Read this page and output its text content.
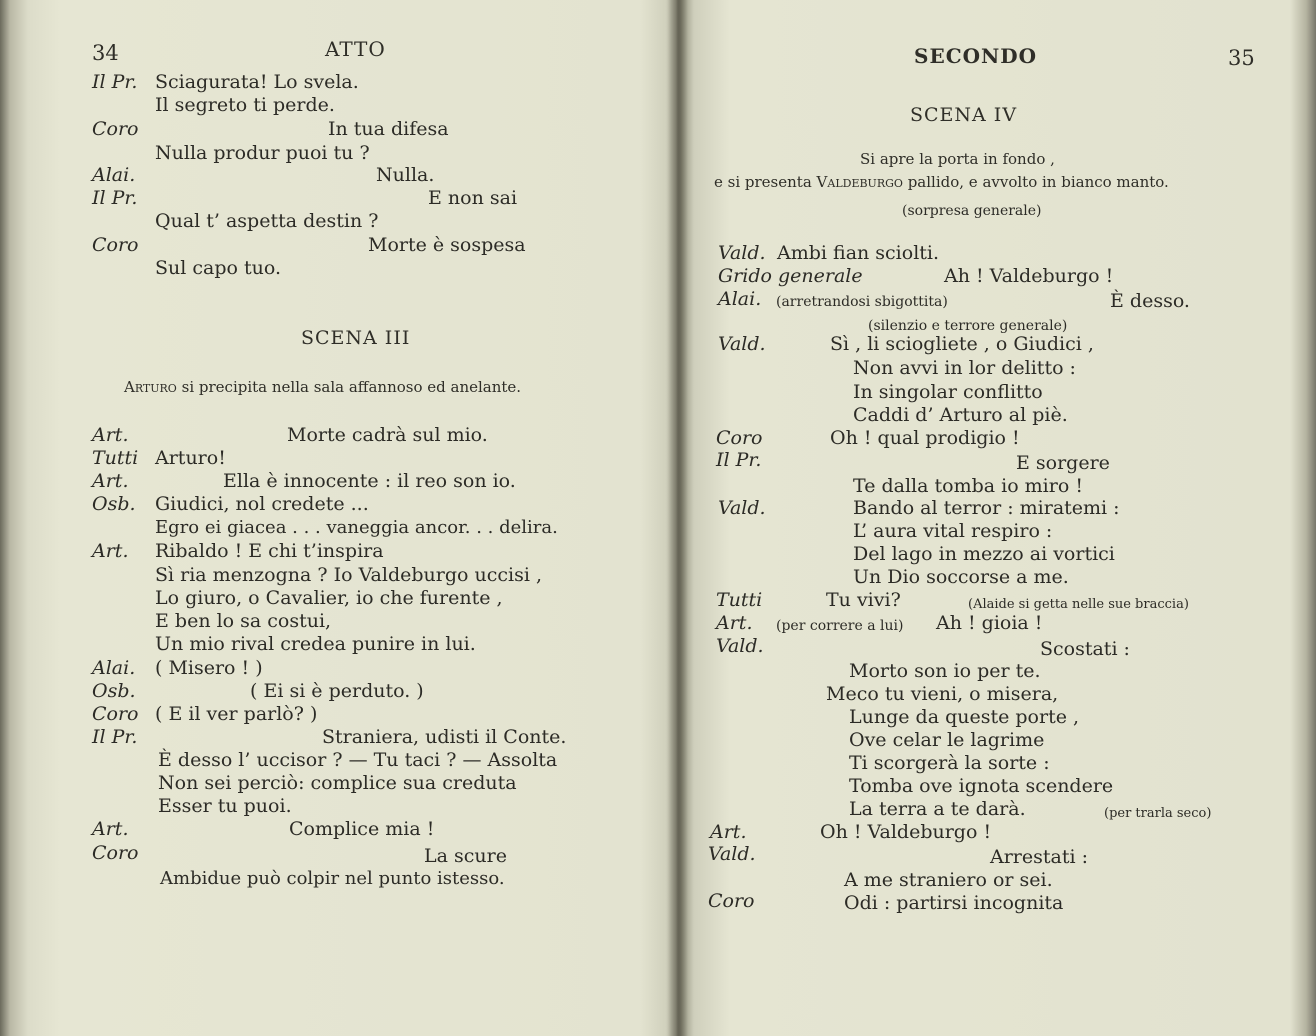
34	ATTO
Il Pr. Sciagurata! Lo svela.
Il segreto ti perde.
Coro	In tua difesa
Nulla produr puoi tu ?
Alai.	Nulla.
Il Pr.	E non sai
Qual t’ aspetta destin ?
Coro	Morte è sospesa
Sul capo tuo.
SCENA III
Arturo si precipita nella sala affannoso ed anelante.
Art.	Morte cadrà sul mio.
Tutti Arturo!
Art.	Ella è innocente : il reo son io.
Osb. Giudici, nol credete ...
Egro ei giacea . . . vaneggia ancor. . . delira.
Art. Ribaldo ! E chi t’inspira
Sì ria menzogna ? Io Valdeburgo uccisi ,
Lo giuro, o Cavalier, io che furente ,
E ben lo sa costui,
Un mio rival credea punire in lui.
Alai. ( Misero ! )
Osb.	( Ei si è perduto. )
Coro ( E il ver parlò? )
Il Pr.	Straniera, udisti il Conte.
È desso l’ uccisor ? — Tu taci ? — Assolta
Non sei perciò: complice sua creduta
Esser tu puoi.
Art.	Complice mia !
Coro	La scure
Ambidue può colpir nel punto istesso.
SECONDO	35
SCENA IV
Si apre la porta in fondo ,
e si presenta Valdeburgo pallido, e avvolto in bianco manto.
(sorpresa generale)
Vald. Ambi fian sciolti.
Grido generale	Ah ! Valdeburgo !
Alai. (arretrandosi sbigottita)	È desso.
(silenzio e terrore generale)
Vald.	Sì , li sciogliete , o Giudici ,
Non avvi in lor delitto :
In singolar conflitto
Caddi d’ Arturo al piè.
Coro	Oh ! qual prodigio !
Il Pr.	E sorgere
Te dalla tomba io miro !
Vald.	Bando al terror : miratemi :
L’ aura vital respiro :
Del lago in mezzo ai vortici
Un Dio soccorse a me.
Tutti	Tu vivi?	(Alaide si getta nelle sue braccia)
Art. (per correre a lui) Ah ! gioia !
Vald.	Scostati :
Morto son io per te.
Meco tu vieni, o misera,
Lunge da queste porte ,
Ove celar le lagrime
Ti scorgerà la sorte :
Tomba ove ignota scendere
La terra a te darà.	(per trarla seco)
Art.	Oh ! Valdeburgo !
Vald.	Arrestati :
A me straniero or sei.
Coro	Odi : partirsi incognita
